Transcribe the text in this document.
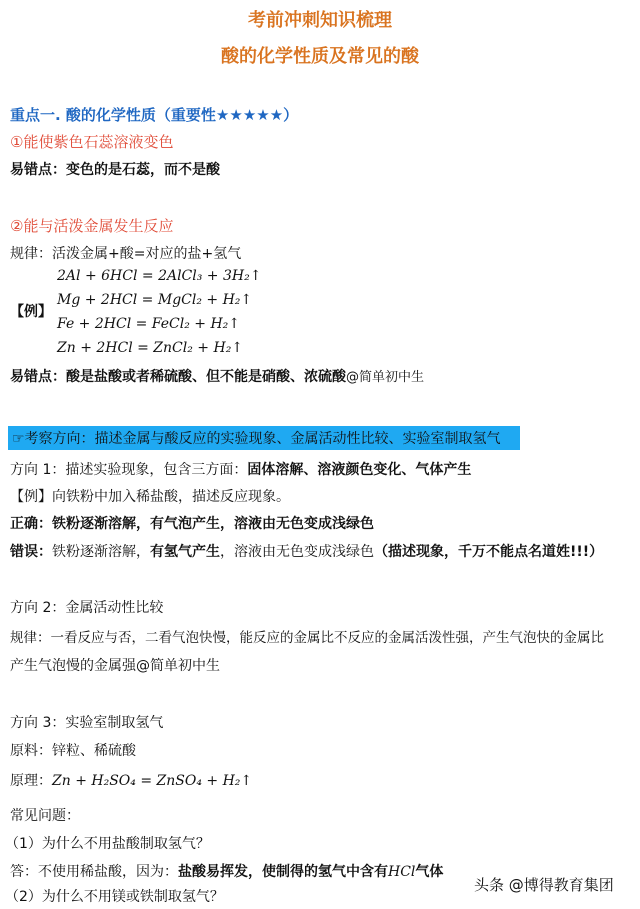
考前冲刺知识梳理
酸的化学性质及常见的酸
重点一. 酸的化学性质（重要性★★★★★）
①能使紫色石蕊溶液变色
易错点：变色的是石蕊，而不是酸
②能与活泼金属发生反应
规律：活泼金属+酸=对应的盐+氢气
【例】
2Al + 6HCl = 2AlCl₃ + 3H₂↑
Mg + 2HCl = MgCl₂ + H₂↑
Fe + 2HCl = FeCl₂ + H₂↑
Zn + 2HCl = ZnCl₂ + H₂↑
易错点：酸是盐酸或者稀硫酸、但不能是硝酸、浓硫酸@简单初中生
☞考察方向：描述金属与酸反应的实验现象、金属活动性比较、实验室制取氢气
方向 1：描述实验现象，包含三方面：固体溶解、溶液颜色变化、气体产生
【例】向铁粉中加入稀盐酸，描述反应现象。
正确：铁粉逐渐溶解，有气泡产生，溶液由无色变成浅绿色
错误：铁粉逐渐溶解，有氢气产生，溶液由无色变成浅绿色（描述现象，千万不能点名道姓!!!）
方向 2：金属活动性比较
规律：一看反应与否，二看气泡快慢，能反应的金属比不反应的金属活泼性强，产生气泡快的金属比
产生气泡慢的金属强@简单初中生
方向 3：实验室制取氢气
原料：锌粒、稀硫酸
原理：Zn + H₂SO₄ = ZnSO₄ + H₂↑
常见问题：
（1）为什么不用盐酸制取氢气？
答：不使用稀盐酸，因为：盐酸易挥发，使制得的氢气中含有HCl气体
（2）为什么不用镁或铁制取氢气？
头条 @博得教育集团
